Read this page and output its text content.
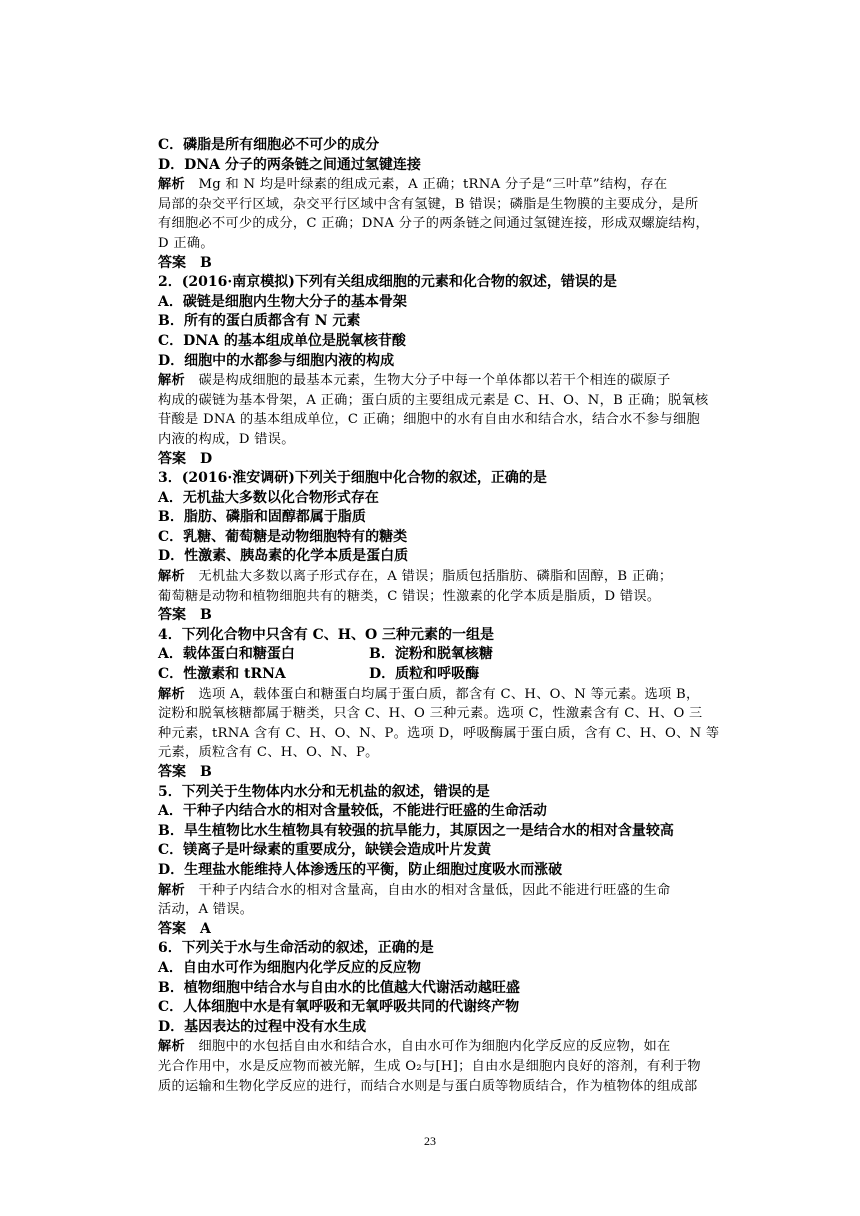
C．磷脂是所有细胞必不可少的成分
D．DNA 分子的两条链之间通过氢键连接
解析　Mg 和 N 均是叶绿素的组成元素，A 正确；tRNA 分子是“三叶草”结构，存在
局部的杂交平行区域，杂交平行区域中含有氢键，B 错误；磷脂是生物膜的主要成分，是所
有细胞必不可少的成分，C 正确；DNA 分子的两条链之间通过氢键连接，形成双螺旋结构，
D 正确。
答案　B
2．(2016·南京模拟)下列有关组成细胞的元素和化合物的叙述，错误的是
A．碳链是细胞内生物大分子的基本骨架
B．所有的蛋白质都含有 N 元素
C．DNA 的基本组成单位是脱氧核苷酸
D．细胞中的水都参与细胞内液的构成
解析　碳是构成细胞的最基本元素，生物大分子中每一个单体都以若干个相连的碳原子
构成的碳链为基本骨架，A 正确；蛋白质的主要组成元素是 C、H、O、N，B 正确；脱氧核
苷酸是 DNA 的基本组成单位，C 正确；细胞中的水有自由水和结合水，结合水不参与细胞
内液的构成，D 错误。
答案　D
3．(2016·淮安调研)下列关于细胞中化合物的叙述，正确的是
A．无机盐大多数以化合物形式存在
B．脂肪、磷脂和固醇都属于脂质
C．乳糖、葡萄糖是动物细胞特有的糖类
D．性激素、胰岛素的化学本质是蛋白质
解析　无机盐大多数以离子形式存在，A 错误；脂质包括脂肪、磷脂和固醇，B 正确；
葡萄糖是动物和植物细胞共有的糖类，C 错误；性激素的化学本质是脂质，D 错误。
答案　B
4．下列化合物中只含有 C、H、O 三种元素的一组是
A．载体蛋白和糖蛋白	B．淀粉和脱氧核糖
C．性激素和 tRNA	D．质粒和呼吸酶
解析　选项 A，载体蛋白和糖蛋白均属于蛋白质，都含有 C、H、O、N 等元素。选项 B，
淀粉和脱氧核糖都属于糖类，只含 C、H、O 三种元素。选项 C，性激素含有 C、H、O 三
种元素，tRNA 含有 C、H、O、N、P。选项 D，呼吸酶属于蛋白质，含有 C、H、O、N 等
元素，质粒含有 C、H、O、N、P。
答案　B
5．下列关于生物体内水分和无机盐的叙述，错误的是
A．干种子内结合水的相对含量较低，不能进行旺盛的生命活动
B．旱生植物比水生植物具有较强的抗旱能力，其原因之一是结合水的相对含量较高
C．镁离子是叶绿素的重要成分，缺镁会造成叶片发黄
D．生理盐水能维持人体渗透压的平衡，防止细胞过度吸水而涨破
解析　干种子内结合水的相对含量高，自由水的相对含量低，因此不能进行旺盛的生命
活动，A 错误。
答案　A
6．下列关于水与生命活动的叙述，正确的是
A．自由水可作为细胞内化学反应的反应物
B．植物细胞中结合水与自由水的比值越大代谢活动越旺盛
C．人体细胞中水是有氧呼吸和无氧呼吸共同的代谢终产物
D．基因表达的过程中没有水生成
解析　细胞中的水包括自由水和结合水，自由水可作为细胞内化学反应的反应物，如在
光合作用中，水是反应物而被光解，生成 O₂与[H]；自由水是细胞内良好的溶剂，有利于物
质的运输和生物化学反应的进行，而结合水则是与蛋白质等物质结合，作为植物体的组成部
23
